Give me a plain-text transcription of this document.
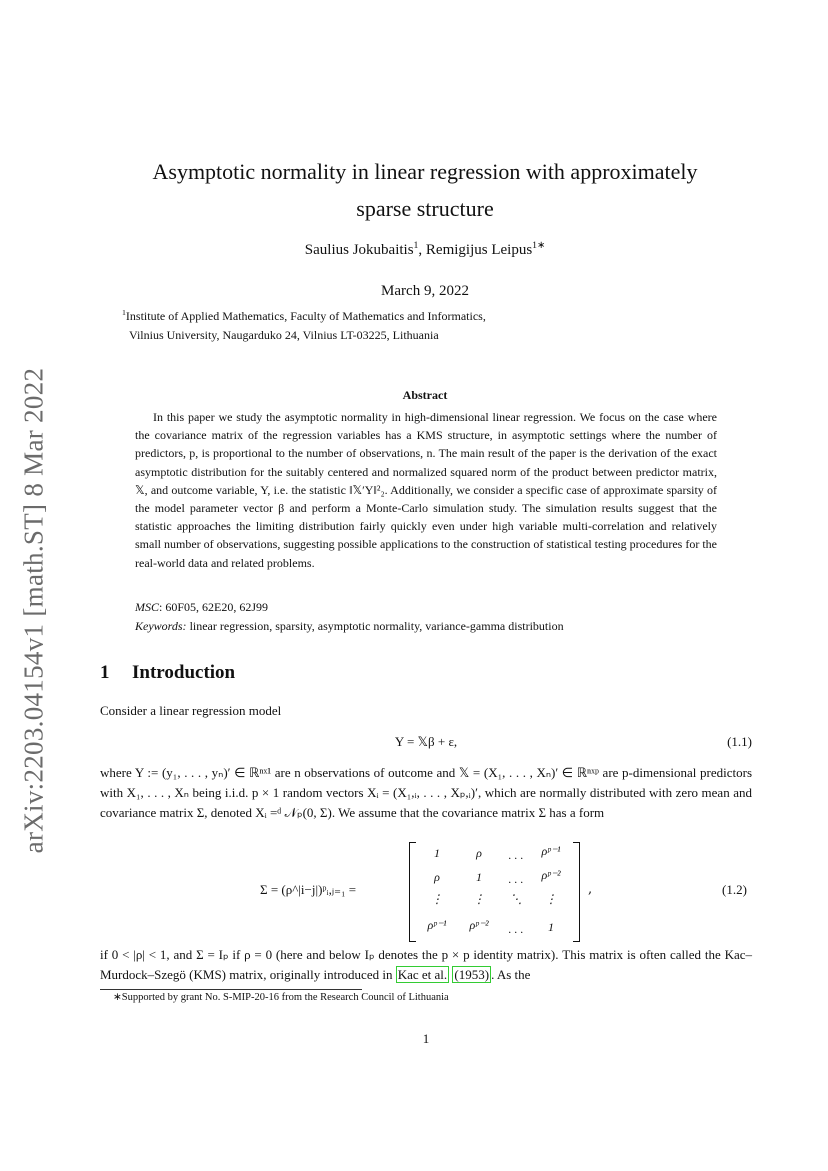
arXiv:2203.04154v1 [math.ST] 8 Mar 2022
Asymptotic normality in linear regression with approximately
sparse structure
Saulius Jokubaitis$^1$, Remigijus Leipus$^{1∗}$
March 9, 2022
$^1$Institute of Applied Mathematics, Faculty of Mathematics and Informatics,
Vilnius University, Naugarduko 24, Vilnius LT-03225, Lithuania
Abstract

In this paper we study the asymptotic normality in high-dimensional linear regression. We focus on the case where the covariance matrix of the regression variables has a KMS structure, in asymptotic settings where the number of predictors, p, is proportional to the number of observations, n. The main result of the paper is the derivation of the exact asymptotic distribution for the suitably centered and normalized squared norm of the product between predictor matrix, 𝕏, and outcome variable, Y, i.e. the statistic ‖𝕏′Y‖²₂. Additionally, we consider a specific case of approximate sparsity of the model parameter vector β and perform a Monte-Carlo simulation study. The simulation results suggest that the statistic approaches the limiting distribution fairly quickly even under high variable multi-correlation and relatively small number of observations, suggesting possible applications to the construction of statistical testing procedures for the real-world data and related problems.

MSC: 60F05, 62E20, 62J99
Keywords: linear regression, sparsity, asymptotic normality, variance-gamma distribution
1 Introduction

Consider a linear regression model

Y = 𝕏β + ε,	(1.1)

where Y := (y₁, . . . , yₙ)′ ∈ ℝⁿˣ¹ are n observations of outcome and 𝕏 = (X₁, . . . , Xₙ)′ ∈ ℝⁿˣᵖ are p-dimensional predictors with X₁, . . . , Xₙ being i.i.d. p × 1 random vectors Xᵢ = (X₁,ᵢ, . . . , Xₚ,ᵢ)′, which are normally distributed with zero mean and covariance matrix Σ, denoted Xᵢ =ᵈ 𝒩ₚ(0, Σ). We assume that the covariance matrix Σ has a form

Σ = (ρ^|i−j|)ᵖᵢ,ⱼ₌₁ =
1	ρ	. . .	ρᵖ⁻¹
ρ	1	. . .	ρᵖ⁻²
⋮	⋮	⋱	⋮
ρᵖ⁻¹	ρᵖ⁻²	. . .	1
,	(1.2)

if 0 < |ρ| < 1, and Σ = Iₚ if ρ = 0 (here and below Iₚ denotes the p × p identity matrix). This matrix is often called the Kac–Murdock–Szegö (KMS) matrix, originally introduced in Kac et al. (1953) . As the

∗Supported by grant No. S-MIP-20-16 from the Research Council of Lithuania
1
